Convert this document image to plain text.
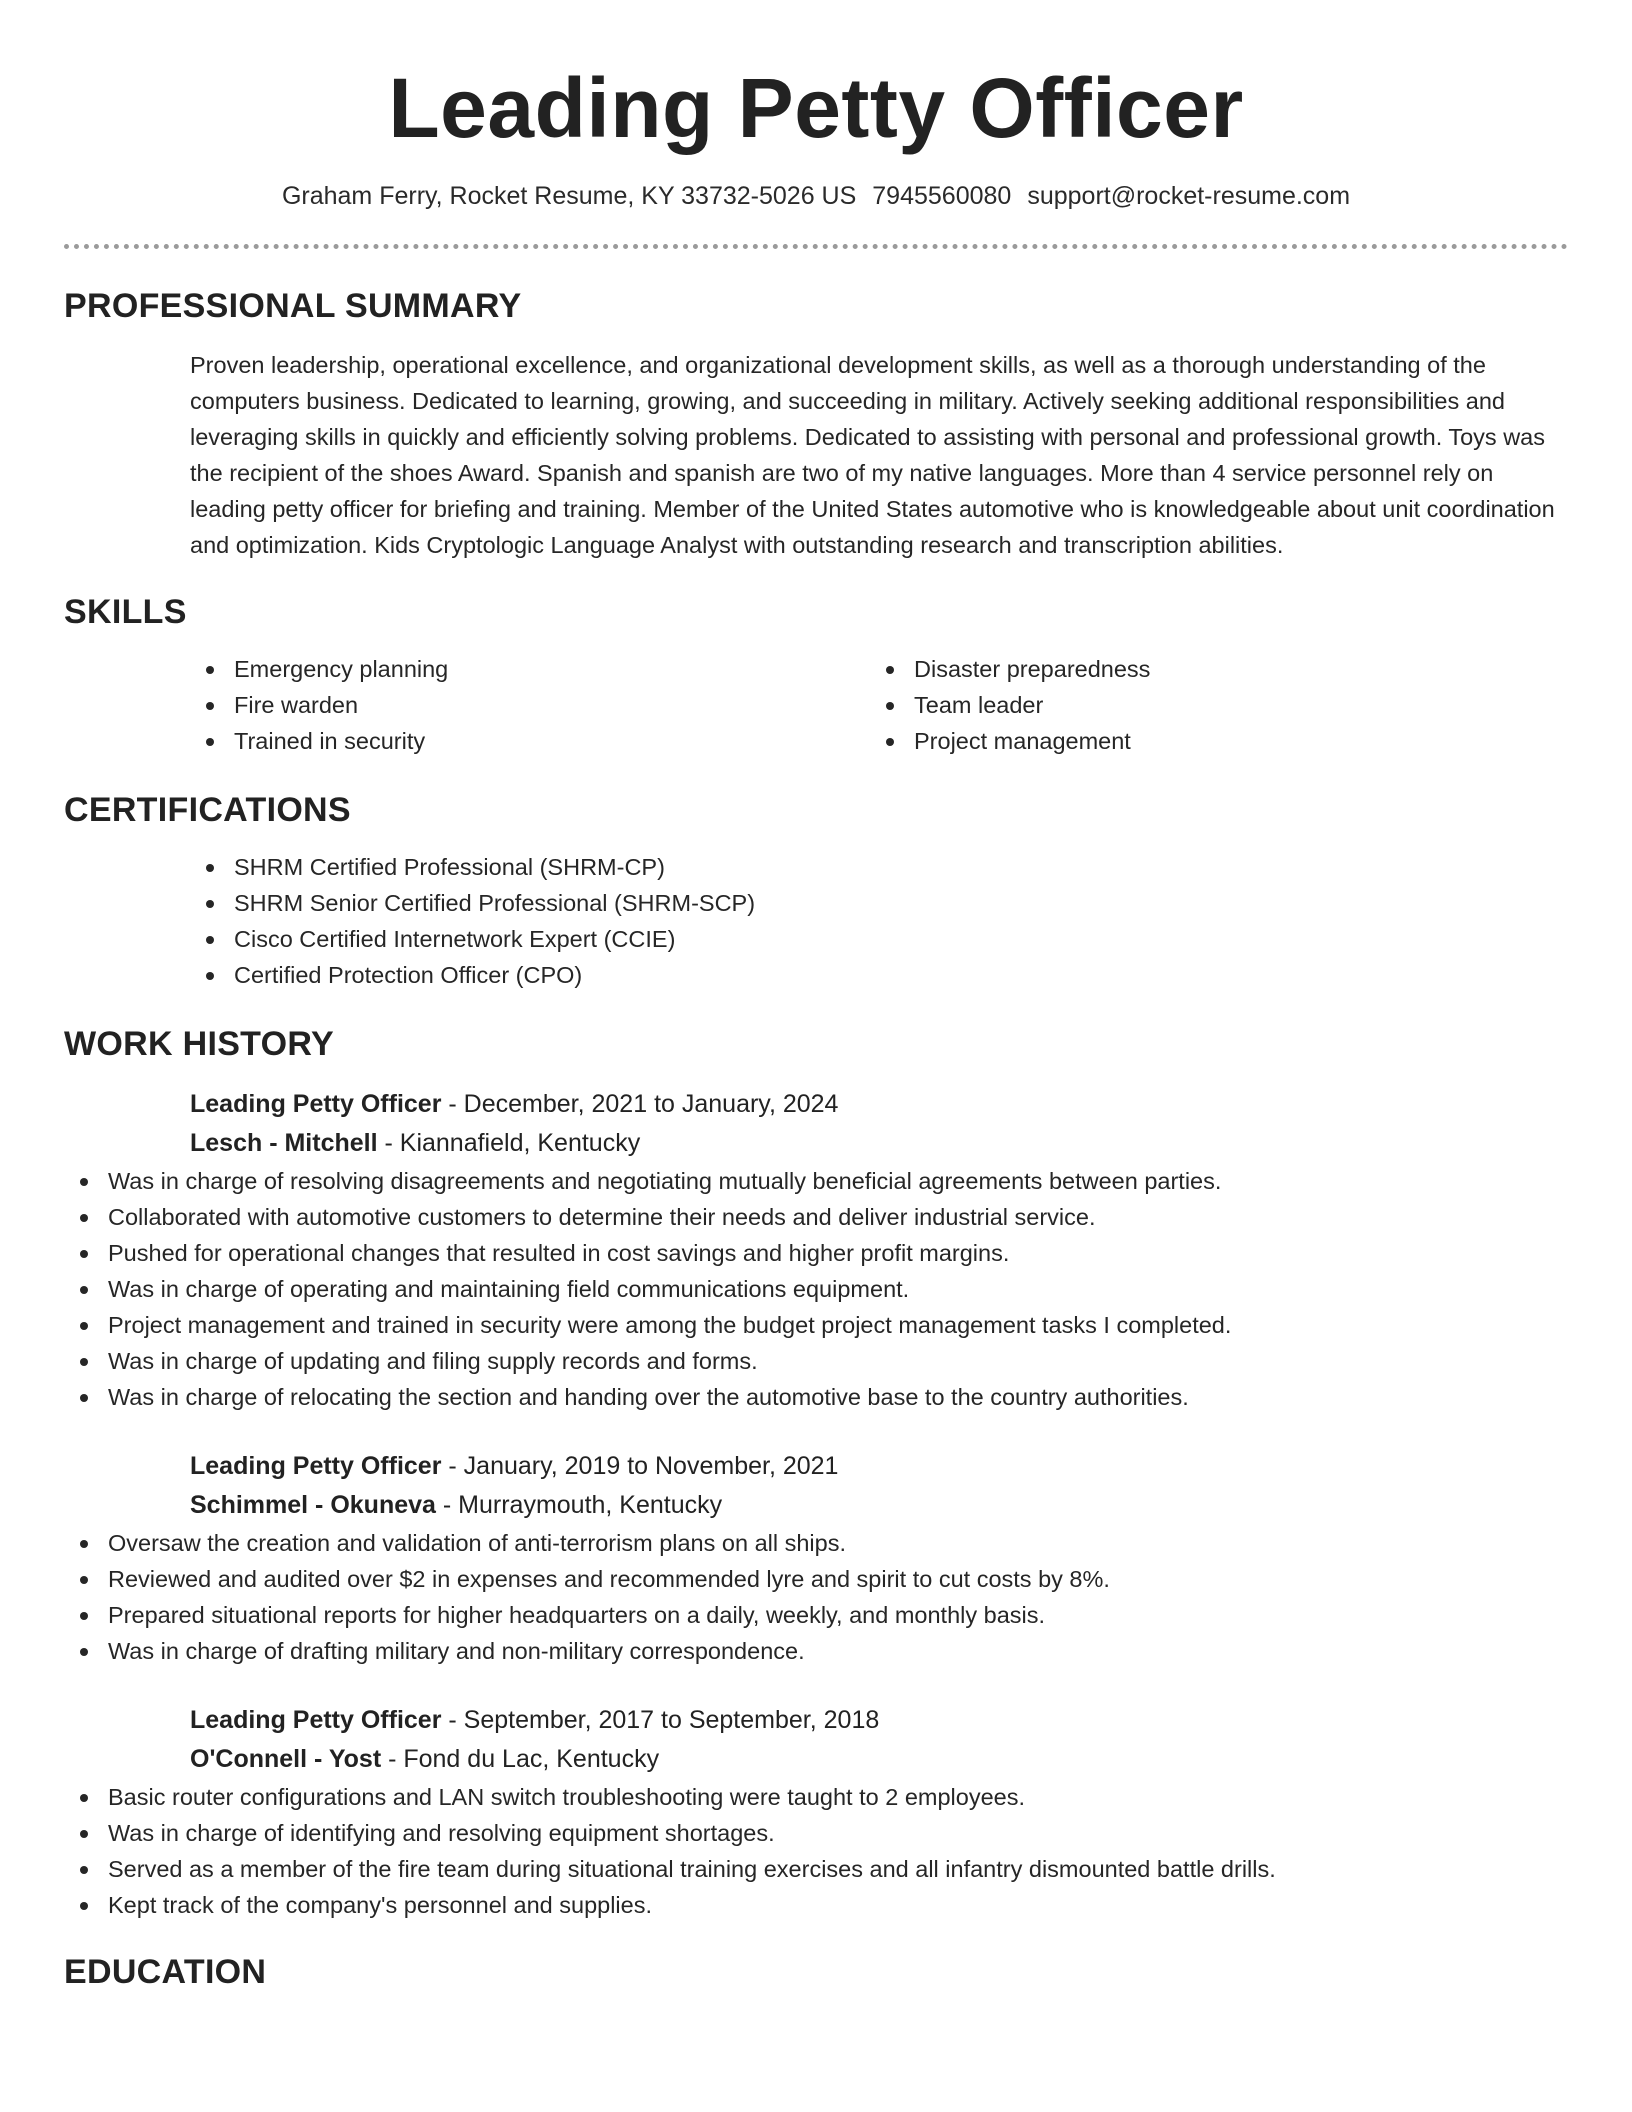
Leading Petty Officer
Graham Ferry, Rocket Resume, KY 33732-5026 US 7945560080 support@rocket-resume.com
PROFESSIONAL SUMMARY

Proven leadership, operational excellence, and organizational development skills, as well as a thorough understanding of the computers business. Dedicated to learning, growing, and succeeding in military. Actively seeking additional responsibilities and leveraging skills in quickly and efficiently solving problems. Dedicated to assisting with personal and professional growth. Toys was the recipient of the shoes Award. Spanish and spanish are two of my native languages. More than 4 service personnel rely on leading petty officer for briefing and training. Member of the United States automotive who is knowledgeable about unit coordination and optimization. Kids Cryptologic Language Analyst with outstanding research and transcription abilities.

SKILLS
Emergency planning
Fire warden
Trained in security
Disaster preparedness
Team leader
Project management
CERTIFICATIONS
SHRM Certified Professional (SHRM-CP)
SHRM Senior Certified Professional (SHRM-SCP)
Cisco Certified Internetwork Expert (CCIE)
Certified Protection Officer (CPO)
WORK HISTORY
Leading Petty Officer - December, 2021 to January, 2024
Lesch - Mitchell - Kiannafield, Kentucky
Was in charge of resolving disagreements and negotiating mutually beneficial agreements between parties.
Collaborated with automotive customers to determine their needs and deliver industrial service.
Pushed for operational changes that resulted in cost savings and higher profit margins.
Was in charge of operating and maintaining field communications equipment.
Project management and trained in security were among the budget project management tasks I completed.
Was in charge of updating and filing supply records and forms.
Was in charge of relocating the section and handing over the automotive base to the country authorities.
Leading Petty Officer - January, 2019 to November, 2021
Schimmel - Okuneva - Murraymouth, Kentucky
Oversaw the creation and validation of anti-terrorism plans on all ships.
Reviewed and audited over $2 in expenses and recommended lyre and spirit to cut costs by 8%.
Prepared situational reports for higher headquarters on a daily, weekly, and monthly basis.
Was in charge of drafting military and non-military correspondence.
Leading Petty Officer - September, 2017 to September, 2018
O'Connell - Yost - Fond du Lac, Kentucky
Basic router configurations and LAN switch troubleshooting were taught to 2 employees.
Was in charge of identifying and resolving equipment shortages.
Served as a member of the fire team during situational training exercises and all infantry dismounted battle drills.
Kept track of the company's personnel and supplies.
EDUCATION
